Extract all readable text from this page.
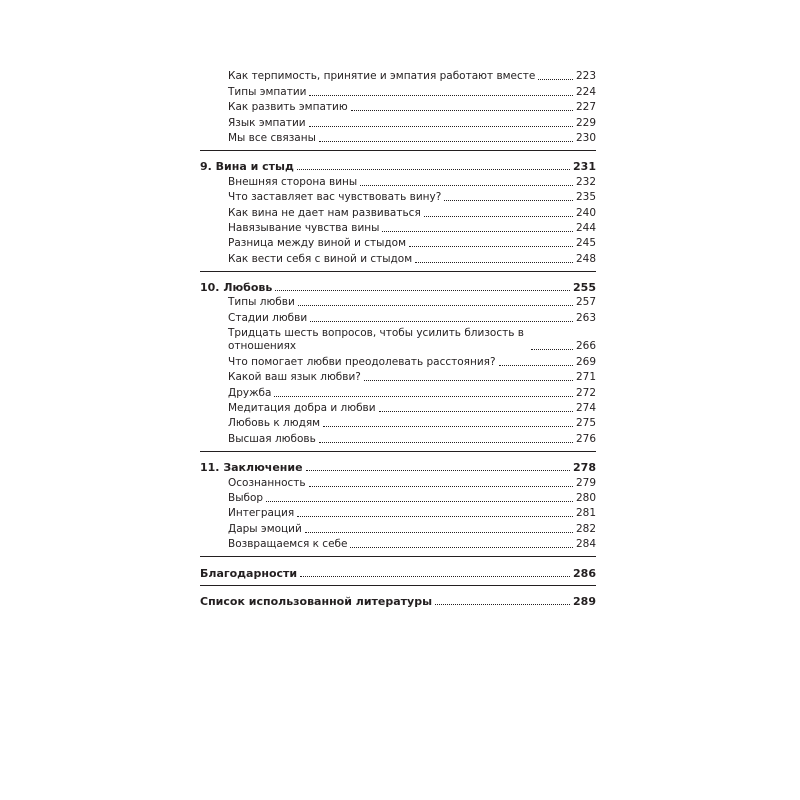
Как терпимость, принятие и эмпатия работают вместе	223
Типы эмпатии	224
Как развить эмпатию	227
Язык эмпатии	229
Мы все связаны	230
9. Вина и стыд	231
Внешняя сторона вины	232
Что заставляет вас чувствовать вину?	235
Как вина не дает нам развиваться	240
Навязывание чувства вины	244
Разница между виной и стыдом	245
Как вести себя с виной и стыдом	248
10. Любовь	255
Типы любви	257
Стадии любви	263
Тридцать шесть вопросов, чтобы усилить близость в отношениях	266
Что помогает любви преодолевать расстояния?	269
Какой ваш язык любви?	271
Дружба	272
Медитация добра и любви	274
Любовь к людям	275
Высшая любовь	276
11. Заключение	278
Осознанность	279
Выбор	280
Интеграция	281
Дары эмоций	282
Возвращаемся к себе	284
Благодарности	286
Список использованной литературы	289
